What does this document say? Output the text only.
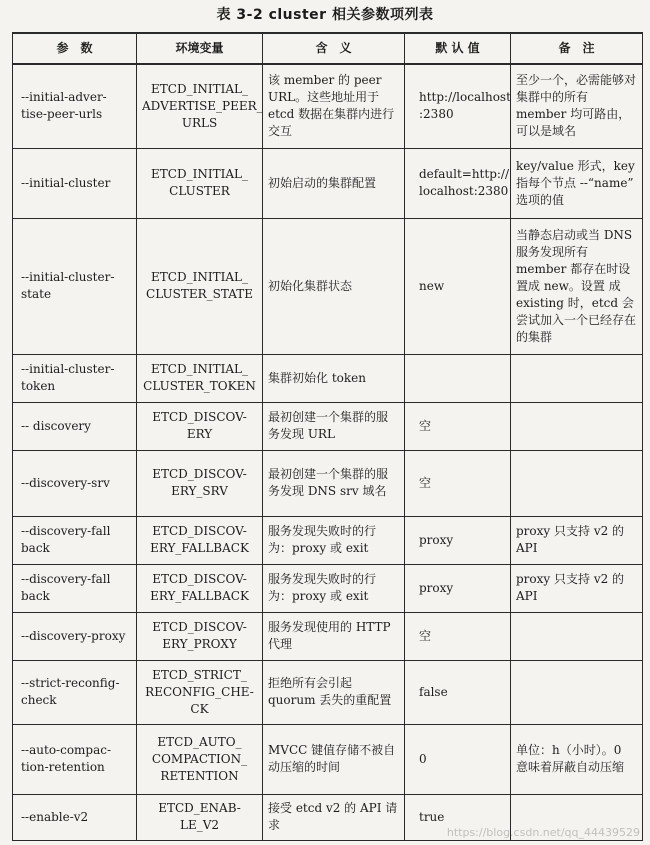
表 3-2 cluster 相关参数项列表
参　数	环境变量	含　义	默 认 值	备　注
--initial-adver-tise-peer-urls	ETCD_INITIAL_ ADVERTISE_PEER_ URLS	该 member 的 peer URL。这些地址用于 etcd 数据在集群内进行交互	http://localhost :2380	至少一个，必需能够对集群中的所有 member 均可路由，可以是域名
--initial-cluster	ETCD_INITIAL_ CLUSTER	初始启动的集群配置	default=http:// localhost:2380	key/value 形式，key 指每个节点 --“name” 选项的值
--initial-cluster-state	ETCD_INITIAL_ CLUSTER_STATE	初始化集群状态	new	当静态启动或当 DNS 服务发现所有 member 都存在时设置成 new。设置 成 existing 时，etcd 会尝试加入一个已经存在的集群
--initial-cluster-token	ETCD_INITIAL_ CLUSTER_TOKEN	集群初始化 token		
-- discovery	ETCD_DISCOV-ERY	最初创建一个集群的服务发现 URL	空	
--discovery-srv	ETCD_DISCOV-ERY_SRV	最初创建一个集群的服务发现 DNS srv 域名	空	
--discovery-fall back	ETCD_DISCOV-ERY_FALLBACK	服务发现失败时的行为：proxy 或 exit	proxy	proxy 只支持 v2 的 API
--discovery-fall back	ETCD_DISCOV-ERY_FALLBACK	服务发现失败时的行为：proxy 或 exit	proxy	proxy 只支持 v2 的 API
--discovery-proxy	ETCD_DISCOV-ERY_PROXY	服务发现使用的 HTTP 代理	空	
--strict-reconfig-check	ETCD_STRICT_ RECONFIG_CHE-CK	拒绝所有会引起 quorum 丢失的重配置	false	
--auto-compac-tion-retention	ETCD_AUTO_ COMPACTION_ RETENTION	MVCC 键值存储不被自动压缩的时间	0	单位：h（小时）。0 意味着屏蔽自动压缩
--enable-v2	ETCD_ENAB-LE_V2	接受 etcd v2 的 API 请求	true	
https://blog.csdn.net/qq_44439529
